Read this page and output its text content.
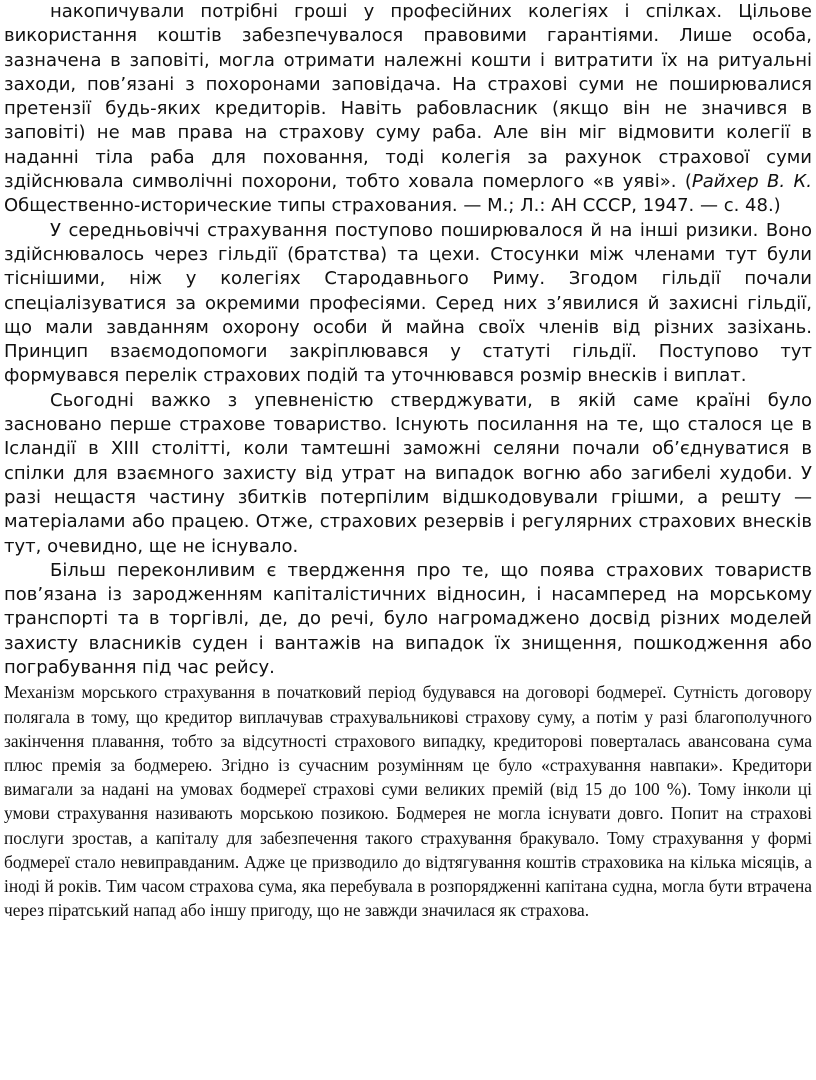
накопичували потрібні гроші у професійних колегіях і спілках. Цільове використання коштів забезпечувалося правовими гарантіями. Лише особа, зазначена в заповіті, могла отримати належні кошти і витратити їх на ритуальні заходи, пов’язані з похоронами заповідача. На страхові суми не поширювалися претензії будь-яких кредиторів. Навіть рабовласник (якщо він не значився в заповіті) не мав права на страхову суму раба. Але він міг відмовити колегії в наданні тіла раба для поховання, тоді колегія за рахунок страхової суми здійснювала символічні похорони, тобто ховала померлого «в уяві». (Райхер В. К. Общественно-исторические типы страхования. — М.; Л.: АН СССР, 1947. — с. 48.)

У середньовіччі страхування поступово поширювалося й на інші ризики. Воно здійснювалось через гільдії (братства) та цехи. Стосунки між членами тут були тіснішими, ніж у колегіях Стародавнього Риму. Згодом гільдії почали спеціалізуватися за окремими професіями. Серед них з’явилися й захисні гільдії, що мали завданням охорону особи й майна своїх членів від різних зазіхань. Принцип взаємодопомоги закріплювався у статуті гільдії. Поступово тут формувався перелік страхових подій та уточнювався розмір внесків і виплат.

Сьогодні важко з упевненістю стверджувати, в якій саме країні було засновано перше страхове товариство. Існують посилання на те, що сталося це в Ісландії в XIII столітті, коли тамтешні заможні селяни почали об’єднуватися в спілки для взаємного захисту від утрат на випадок вогню або загибелі худоби. У разі нещастя частину збитків потерпілим відшкодовували грішми, а решту — матеріалами або працею. Отже, страхових резервів і регулярних страхових внесків тут, очевидно, ще не існувало.

Більш переконливим є твердження про те, що поява страхових товариств пов’язана із зародженням капіталістичних відносин, і насамперед на морському транспорті та в торгівлі, де, до речі, було нагромаджено досвід різних моделей захисту власників суден і вантажів на випадок їх знищення, пошкодження або пограбування під час рейсу.

Механізм морського страхування в початковий період будувався на договорі бодмереї. Сутність договору полягала в тому, що кредитор виплачував страхувальникові страхову суму, а потім у разі благополучного закінчення плавання, тобто за відсутності страхового випадку, кредиторові поверталась авансована сума плюс премія за бодмерею. Згідно із сучасним розумінням це було «страхування навпаки». Кредитори вимагали за надані на умовах бодмереї страхові суми великих премій (від 15 до 100 %). Тому інколи ці умови страхування називають морською позикою. Бодмерея не могла існувати довго. Попит на страхові послуги зростав, а капіталу для забезпечення такого страхування бракувало. Тому страхування у формі бодмереї стало невиправданим. Адже це призводило до відтягування коштів страховика на кілька місяців, а іноді й років. Тим часом страхова сума, яка перебувала в розпорядженні капітана судна, могла бути втрачена через піратський напад або іншу пригоду, що не завжди значилася як страхова.
